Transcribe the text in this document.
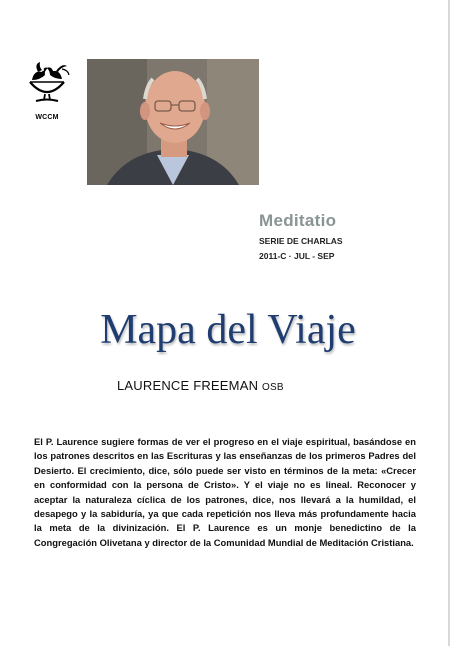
WCCM
Meditatio
SERIE DE CHARLAS
2011-C · JUL - SEP
Mapa del Viaje
LAURENCE FREEMAN OSB
El P. Laurence sugiere formas de ver el progreso en el viaje espiritual, basándose en los patrones descritos en las Escrituras y las enseñanzas de los primeros Padres del Desierto. El crecimiento, dice, sólo puede ser visto en términos de la meta: «Crecer en conformidad con la persona de Cristo». Y el viaje no es lineal. Reconocer y aceptar la naturaleza cíclica de los patrones, dice, nos llevará a la humildad, el desapego y la sabiduría, ya que cada repetición nos lleva más profundamente hacia la meta de la divinización. El P. Laurence es un monje benedictino de la Congregación Olivetana y director de la Comunidad Mundial de Meditación Cristiana.
